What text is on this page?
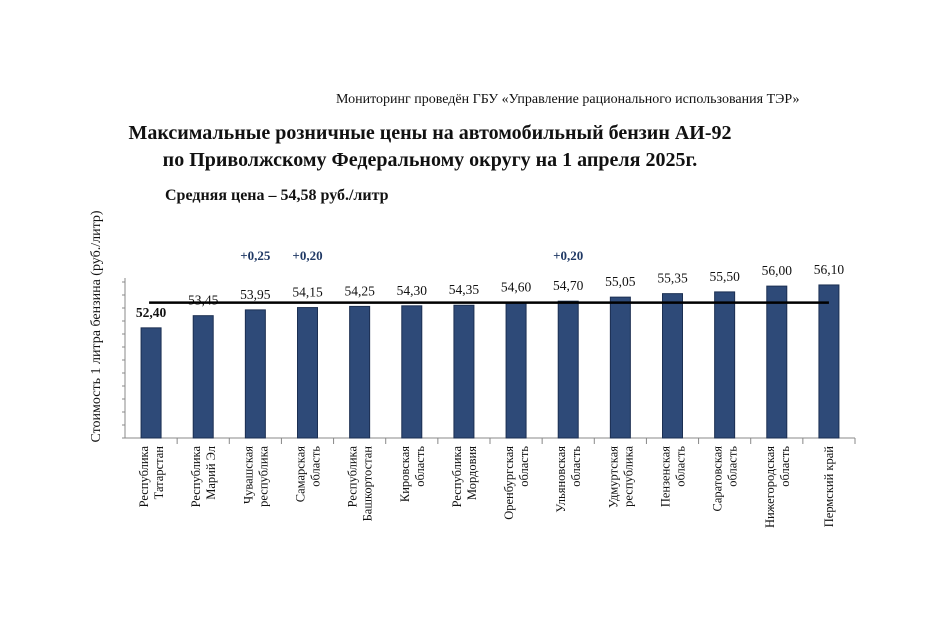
Мониторинг проведён ГБУ «Управление рационального использования ТЭР»
Максимальные розничные цены на автомобильный бензин АИ-92
по Приволжскому Федеральному округу на 1 апреля 2025г.
Средняя цена – 54,58 руб./литр
Стоимость 1 литра бензина (руб./литр) 52,40
РеспубликаТатарстан
53,45
РеспубликаМарий Эл
53,95
+0,25
Чувашскаяреспублика
54,15
+0,20
Самарскаяобласть
54,25
РеспубликаБашкортостан
54,30
Кировскаяобласть
54,35
РеспубликаМордовия
54,60
Оренбургскаяобласть
54,70
+0,20
Ульяновскаяобласть
55,05
Удмуртскаяреспублика
55,35
Пензенскаяобласть
55,50
Саратовскаяобласть
56,00
Нижегородскаяобласть
56,10
Пермский край
